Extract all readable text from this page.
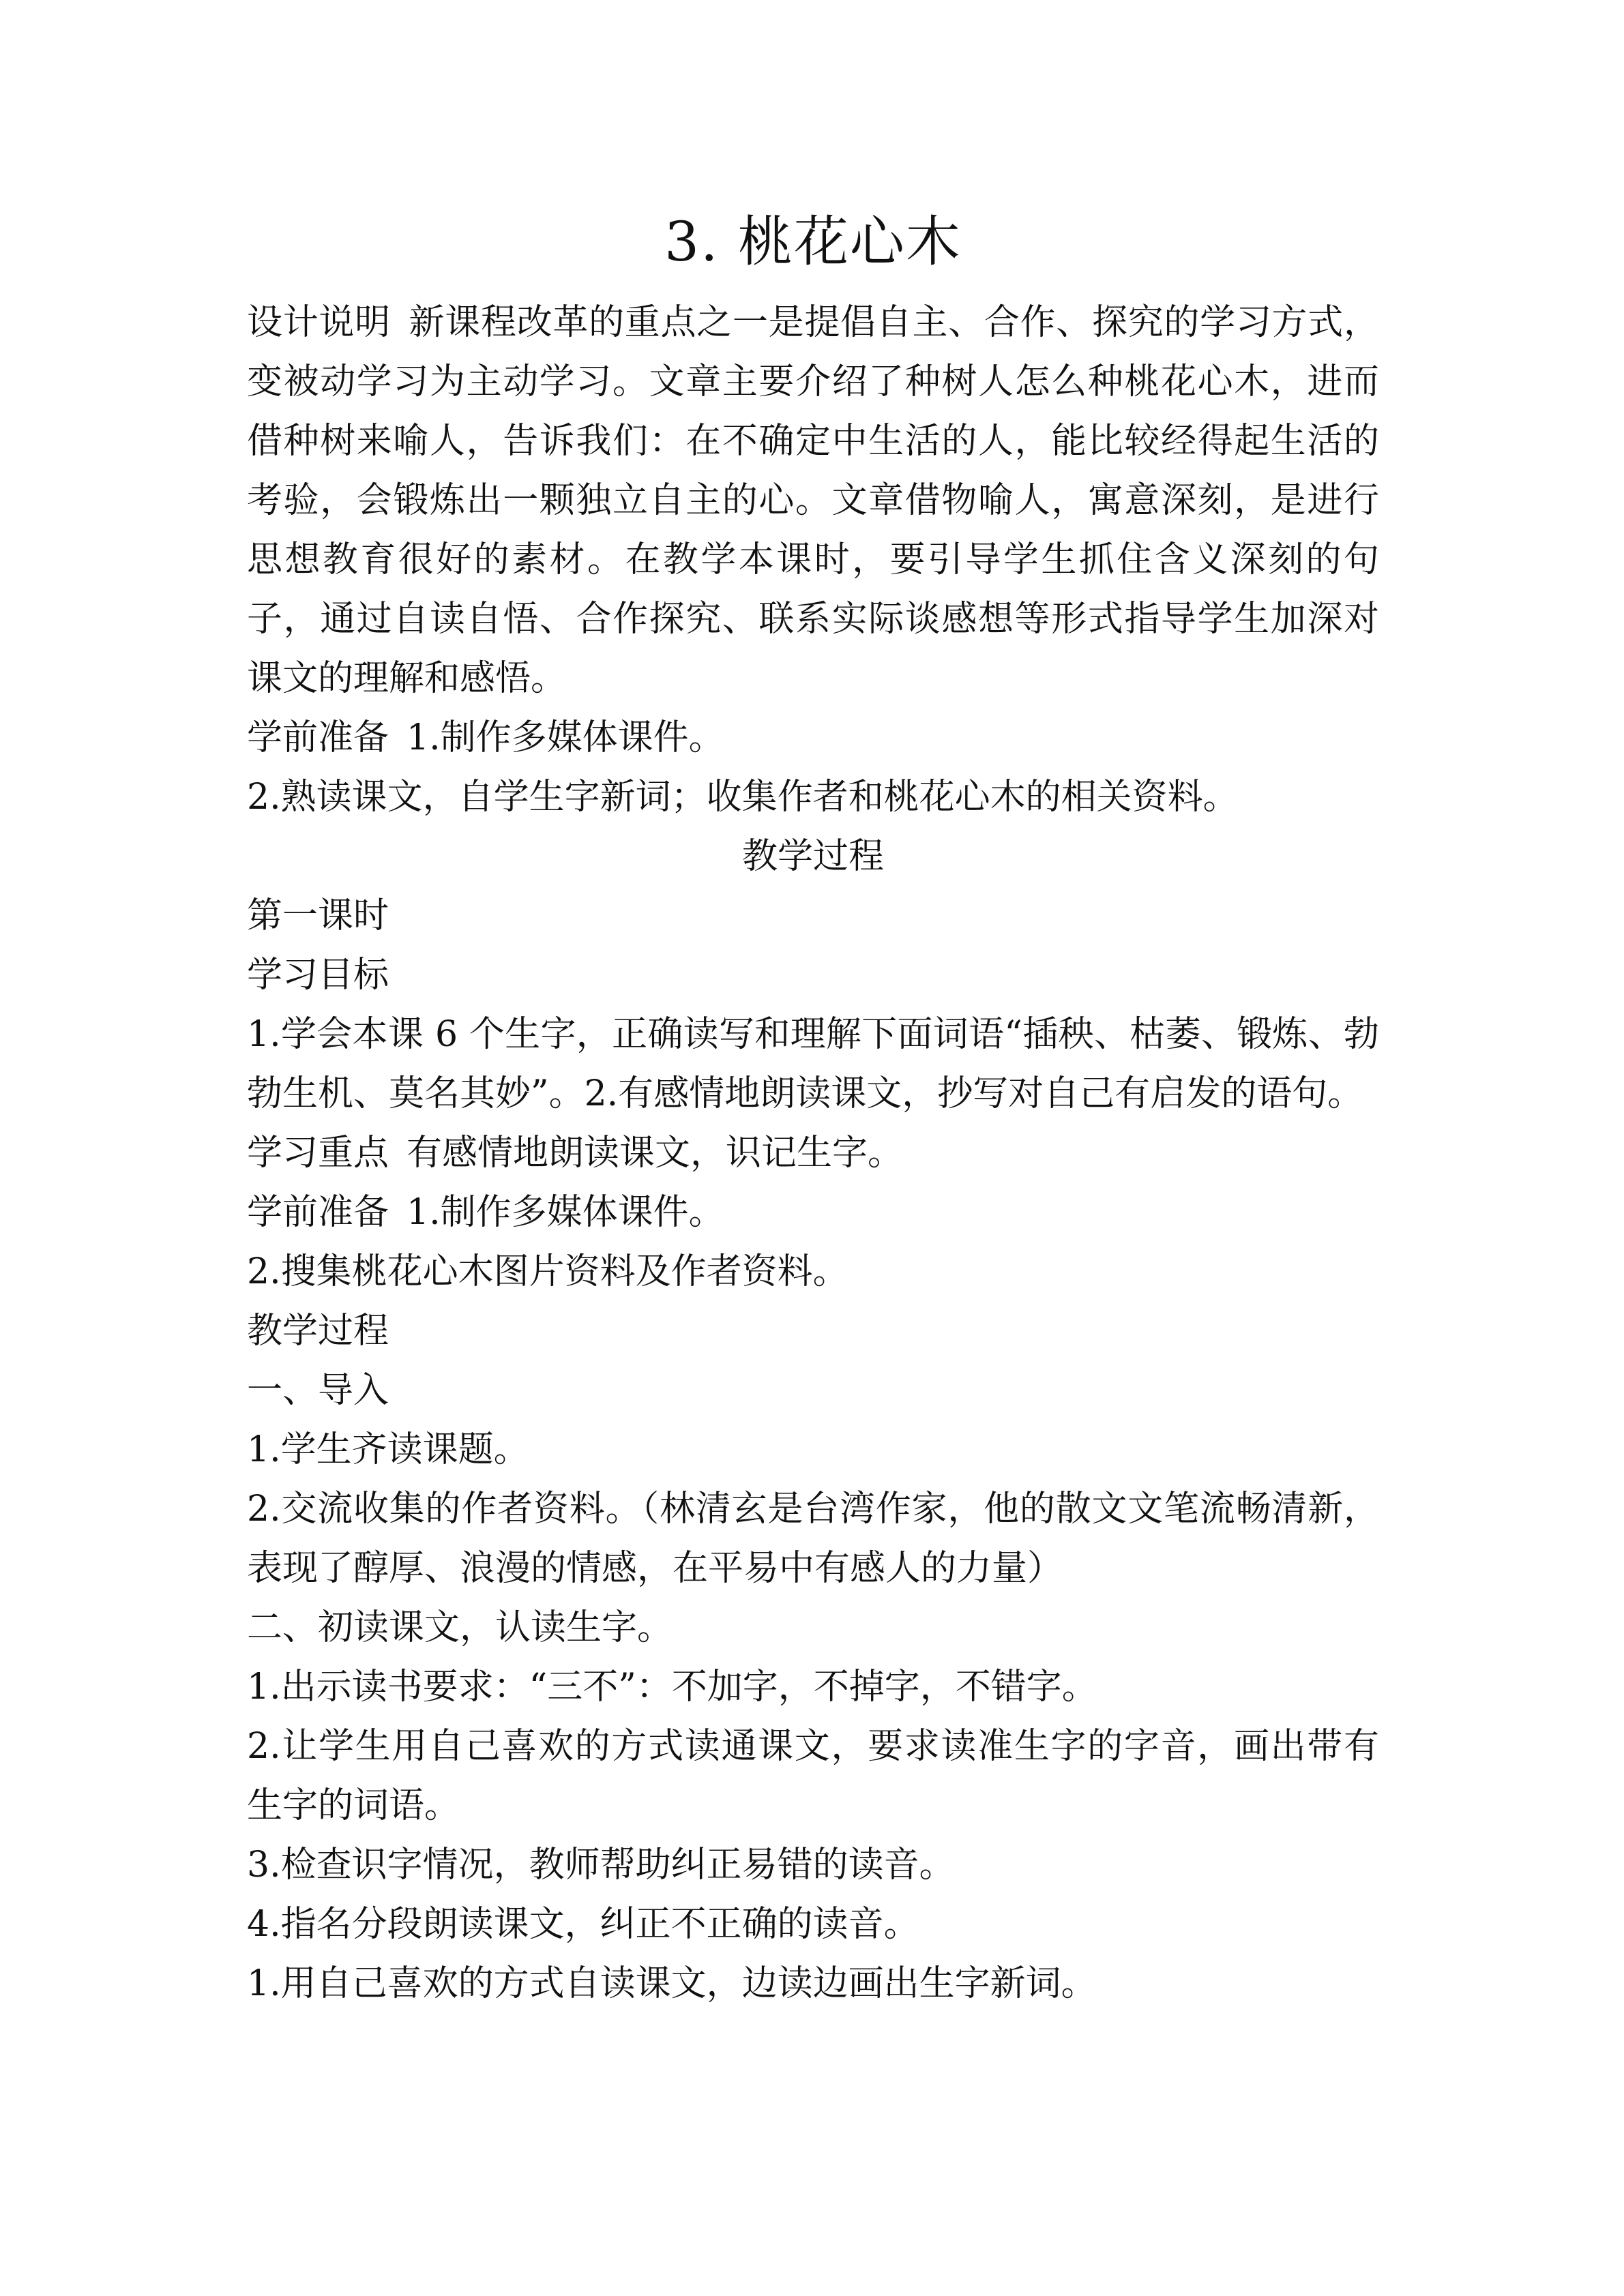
3. 桃花心木

设计说明 新课程改革的重点之一是提倡自主、合作、探究的学习方式，变被动学习为主动学习。文章主要介绍了种树人怎么种桃花心木，进而借种树来喻人，告诉我们：在不确定中生活的人，能比较经得起生活的考验，会锻炼出一颗独立自主的心。文章借物喻人，寓意深刻，是进行思想教育很好的素材。在教学本课时，要引导学生抓住含义深刻的句子，通过自读自悟、合作探究、联系实际谈感想等形式指导学生加深对课文的理解和感悟。

学前准备 1.制作多媒体课件。

2.熟读课文，自学生字新词；收集作者和桃花心木的相关资料。

教学过程

第一课时

学习目标

1.学会本课 6 个生字，正确读写和理解下面词语“插秧、枯萎、锻炼、勃勃生机、莫名其妙”。2.有感情地朗读课文，抄写对自己有启发的语句。

学习重点 有感情地朗读课文，识记生字。

学前准备 1.制作多媒体课件。

2.搜集桃花心木图片资料及作者资料。

教学过程

一、导入

1.学生齐读课题。

2.交流收集的作者资料。（林清玄是台湾作家，他的散文文笔流畅清新，表现了醇厚、浪漫的情感，在平易中有感人的力量）

二、初读课文，认读生字。

1.出示读书要求：“三不”：不加字，不掉字，不错字。

2.让学生用自己喜欢的方式读通课文，要求读准生字的字音，画出带有生字的词语。

3.检查识字情况，教师帮助纠正易错的读音。

4.指名分段朗读课文，纠正不正确的读音。

1.用自己喜欢的方式自读课文，边读边画出生字新词。
